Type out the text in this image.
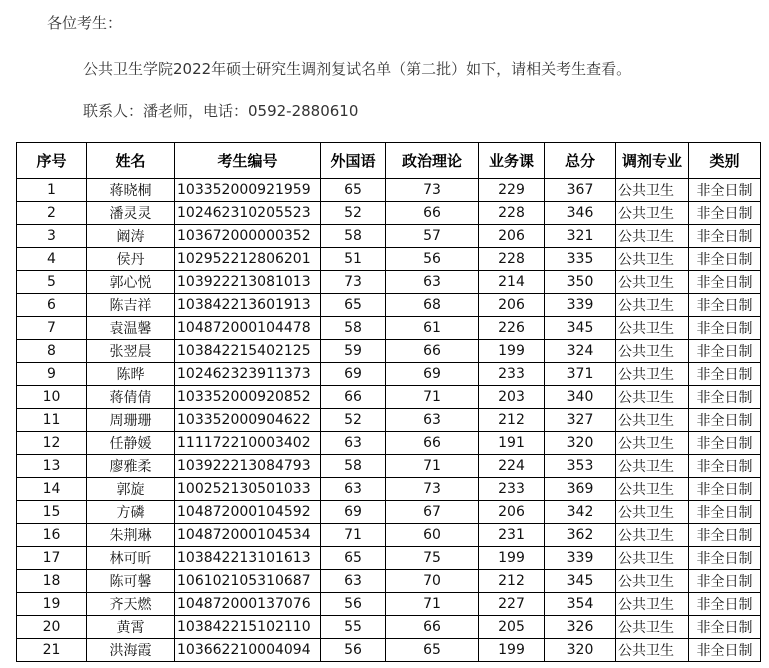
各位考生：
公共卫生学院2022年硕士研究生调剂复试名单（第二批）如下，请相关考生查看。
联系人：潘老师，电话：0592-2880610
序号	姓名	考生编号	外国语	政治理论	业务课	总分	调剂专业	类别
1	蒋晓桐	103352000921959	65	73	229	367	公共卫生	非全日制
2	潘灵灵	102462310205523	52	66	228	346	公共卫生	非全日制
3	阚涛	103672000000352	58	57	206	321	公共卫生	非全日制
4	侯丹	102952212806201	51	56	228	335	公共卫生	非全日制
5	郭心悦	103922213081013	73	63	214	350	公共卫生	非全日制
6	陈吉祥	103842213601913	65	68	206	339	公共卫生	非全日制
7	袁温馨	104872000104478	58	61	226	345	公共卫生	非全日制
8	张翌晨	103842215402125	59	66	199	324	公共卫生	非全日制
9	陈晔	102462323911373	69	69	233	371	公共卫生	非全日制
10	蒋倩倩	103352000920852	66	71	203	340	公共卫生	非全日制
11	周珊珊	103352000904622	52	63	212	327	公共卫生	非全日制
12	任静媛	111172210003402	63	66	191	320	公共卫生	非全日制
13	廖雅柔	103922213084793	58	71	224	353	公共卫生	非全日制
14	郭旋	100252130501033	63	73	233	369	公共卫生	非全日制
15	方磷	104872000104592	69	67	206	342	公共卫生	非全日制
16	朱荆琳	104872000104534	71	60	231	362	公共卫生	非全日制
17	林可昕	103842213101613	65	75	199	339	公共卫生	非全日制
18	陈可馨	106102105310687	63	70	212	345	公共卫生	非全日制
19	齐天燃	104872000137076	56	71	227	354	公共卫生	非全日制
20	黄霄	103842215102110	55	66	205	326	公共卫生	非全日制
21	洪海霞	103662210004094	56	65	199	320	公共卫生	非全日制
